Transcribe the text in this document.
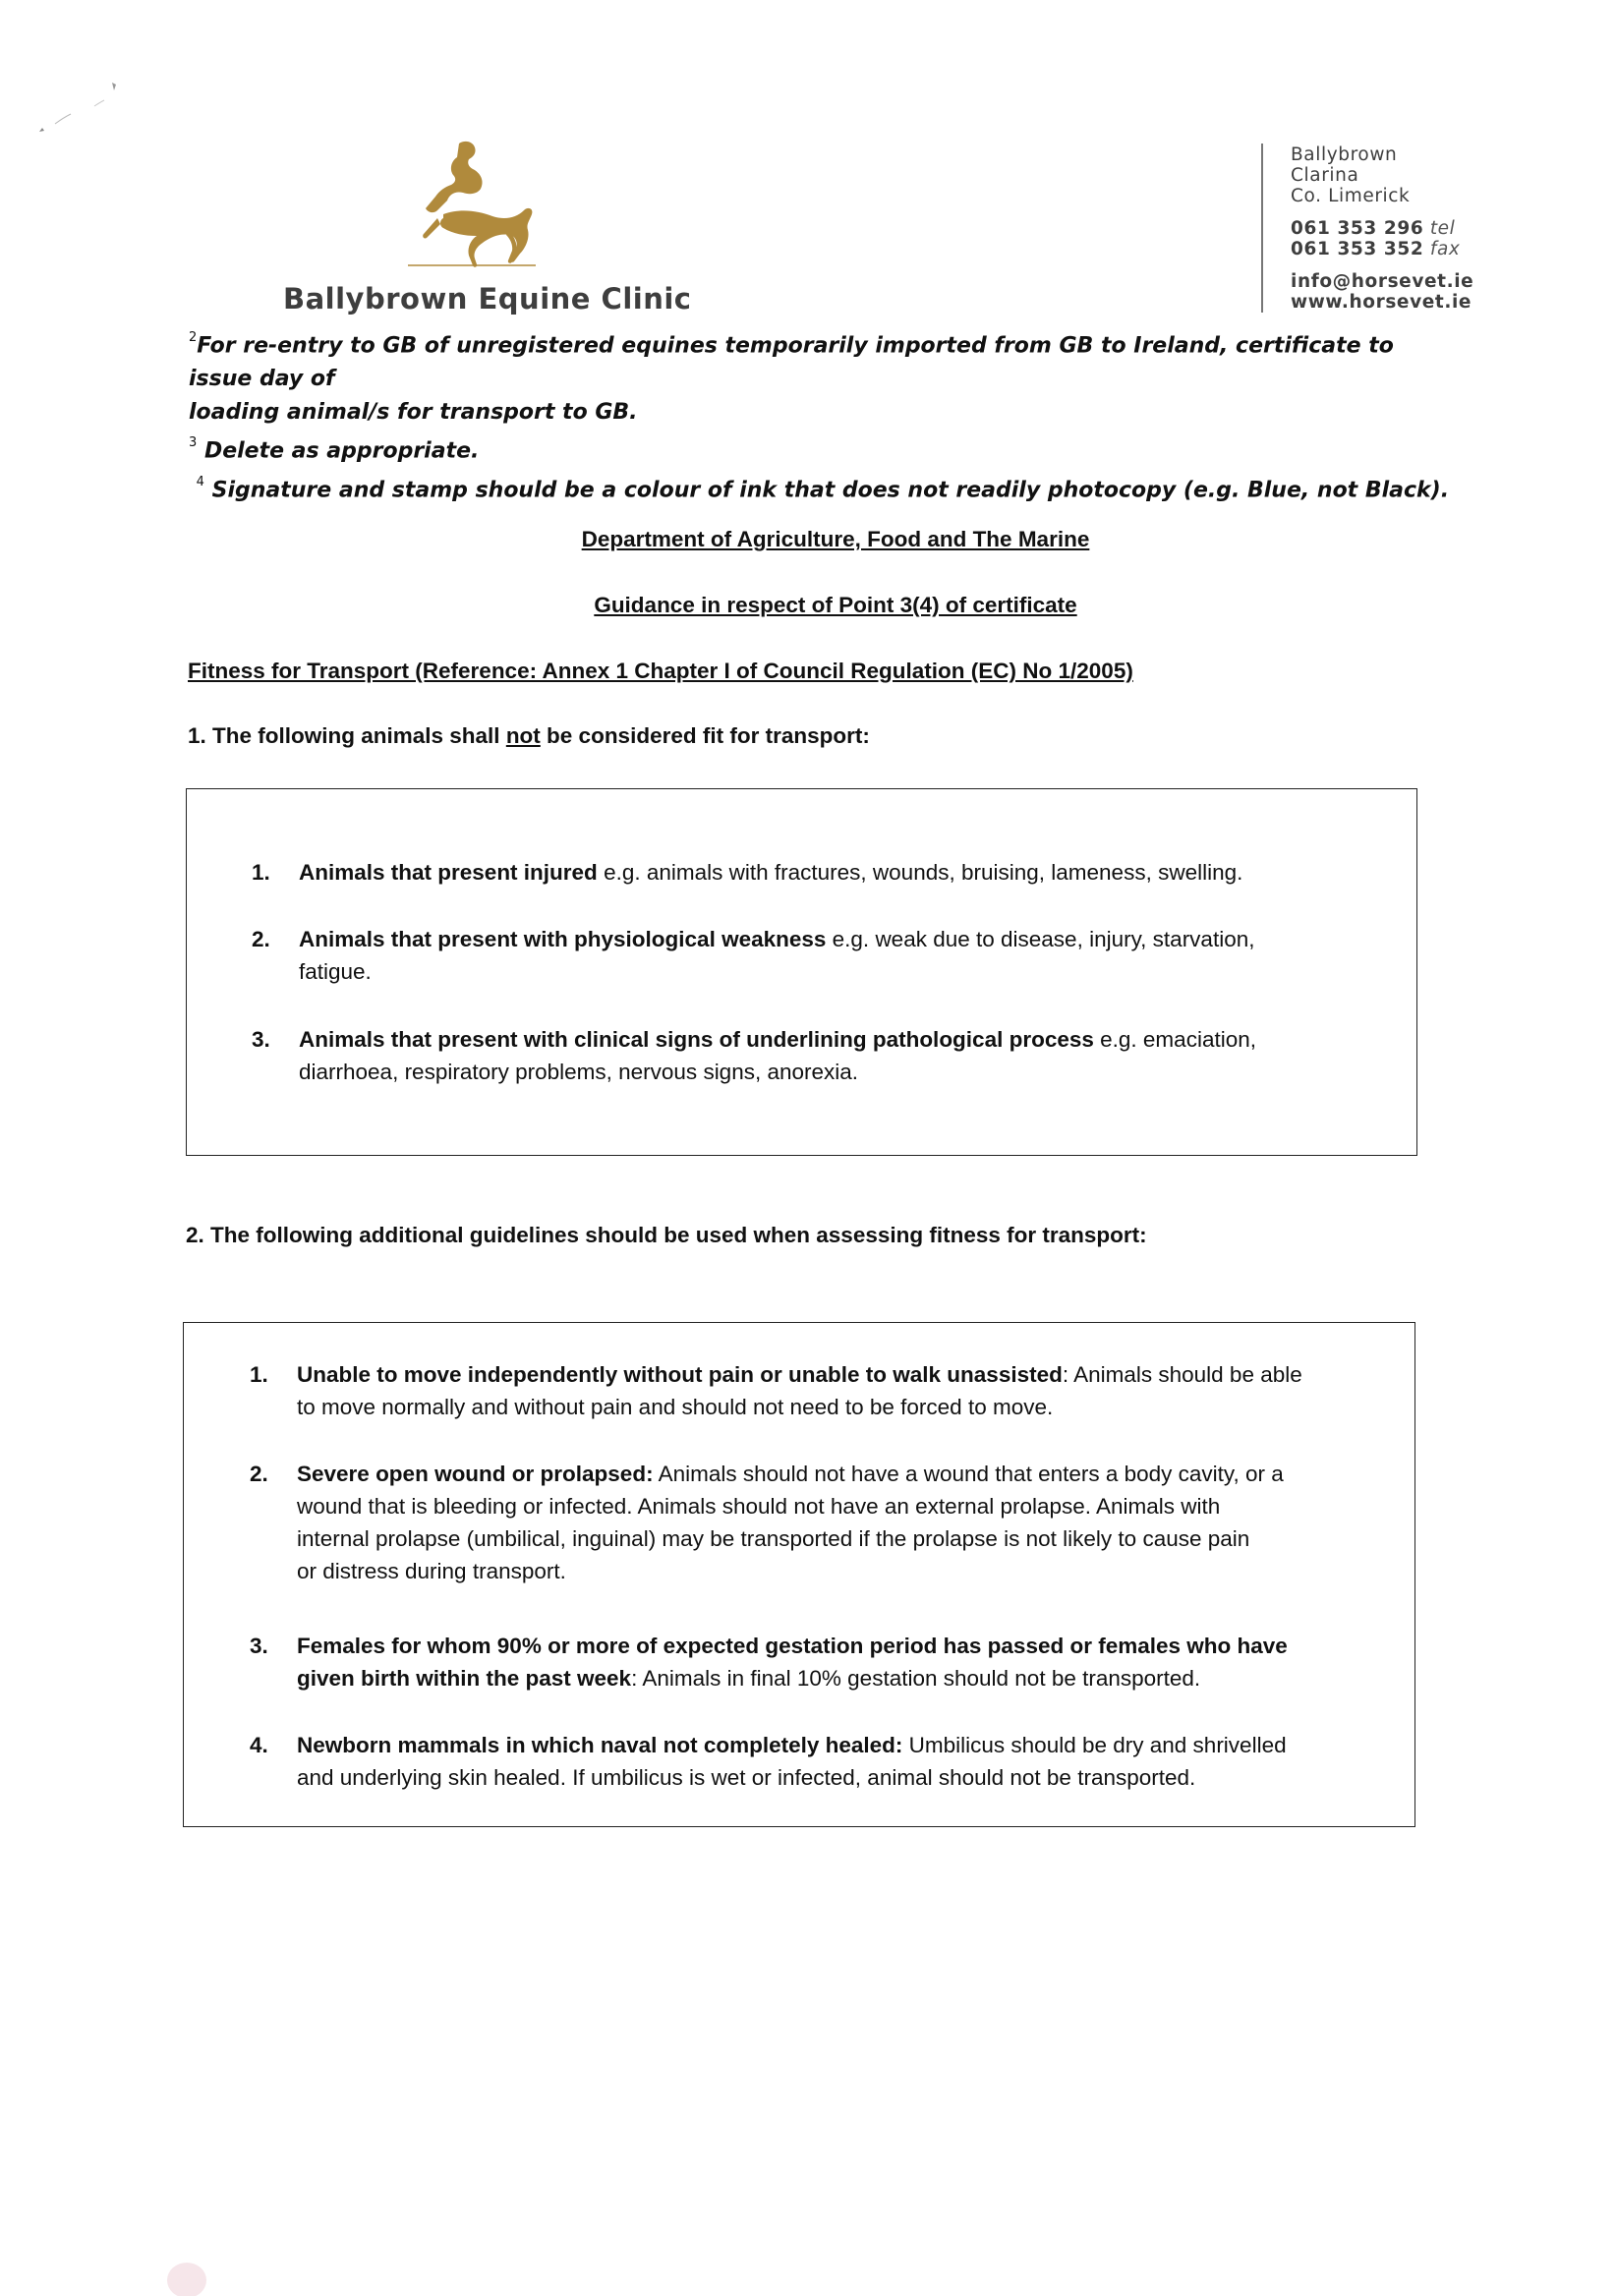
Ballybrown Equine Clinic
Ballybrown
Clarina
Co. Limerick
061 353 296 tel
061 353 352 fax
info@horsevet.ie
www.horsevet.ie
$^2$For re-entry to GB of unregistered equines temporarily imported from GB to Ireland, certificate to issue day of
loading animal/s for transport to GB.
$^3$ Delete as appropriate.
$^4$ Signature and stamp should be a colour of ink that does not readily photocopy (e.g. Blue, not Black).
Department of Agriculture, Food and The Marine
Guidance in respect of Point 3(4) of certificate
Fitness for Transport (Reference: Annex 1 Chapter I of Council Regulation (EC) No 1/2005)
1. The following animals shall not be considered fit for transport:
1. Animals that present injured e.g. animals with fractures, wounds, bruising, lameness, swelling.
2. Animals that present with physiological weakness e.g. weak due to disease, injury, starvation,
fatigue.
3. Animals that present with clinical signs of underlining pathological process e.g. emaciation,
diarrhoea, respiratory problems, nervous signs, anorexia.
2. The following additional guidelines should be used when assessing fitness for transport:
1. Unable to move independently without pain or unable to walk unassisted: Animals should be able
to move normally and without pain and should not need to be forced to move.
2. Severe open wound or prolapsed: Animals should not have a wound that enters a body cavity, or a
wound that is bleeding or infected. Animals should not have an external prolapse. Animals with
internal prolapse (umbilical, inguinal) may be transported if the prolapse is not likely to cause pain
or distress during transport.
3. Females for whom 90% or more of expected gestation period has passed or females who have
given birth within the past week: Animals in final 10% gestation should not be transported.
4. Newborn mammals in which naval not completely healed: Umbilicus should be dry and shrivelled
and underlying skin healed. If umbilicus is wet or infected, animal should not be transported.
